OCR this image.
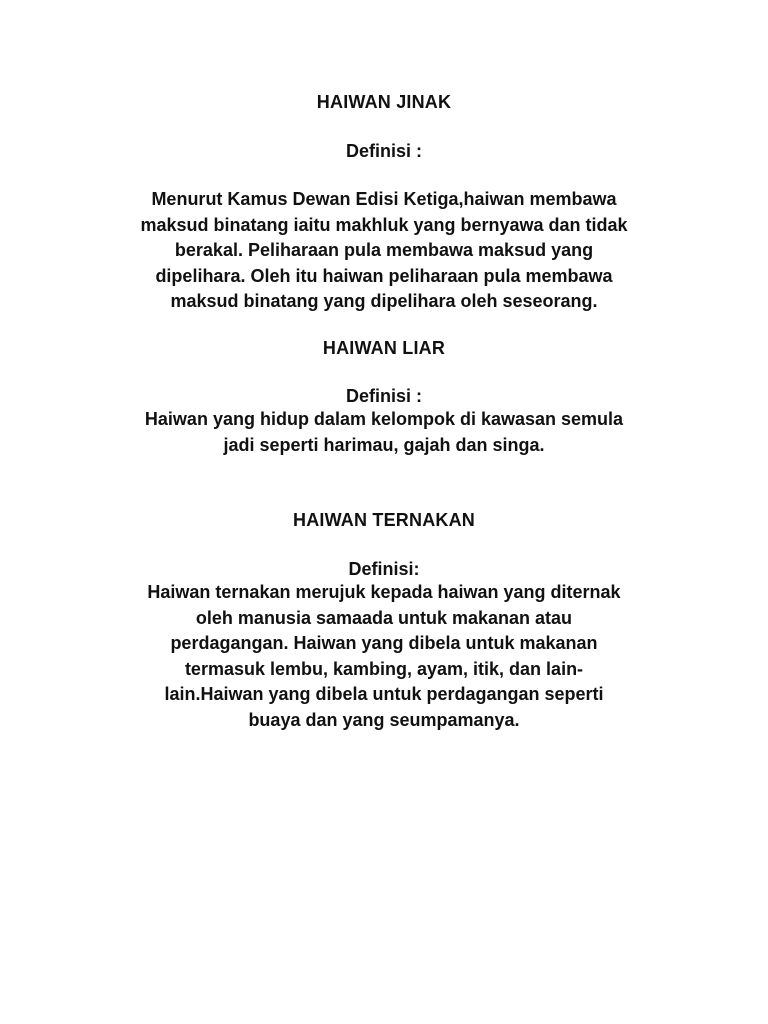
HAIWAN JINAK

Definisi :

Menurut Kamus Dewan Edisi Ketiga,haiwan membawa

maksud binatang iaitu makhluk yang bernyawa dan tidak

berakal. Peliharaan pula membawa maksud yang

dipelihara. Oleh itu haiwan peliharaan pula membawa

maksud binatang yang dipelihara oleh seseorang.

HAIWAN LIAR

Definisi :

Haiwan yang hidup dalam kelompok di kawasan semula

jadi seperti harimau, gajah dan singa.

HAIWAN TERNAKAN

Definisi:

Haiwan ternakan merujuk kepada haiwan yang diternak

oleh manusia samaada untuk makanan atau

perdagangan. Haiwan yang dibela untuk makanan

termasuk lembu, kambing, ayam, itik, dan lain-

lain.Haiwan yang dibela untuk perdagangan seperti

buaya dan yang seumpamanya.
